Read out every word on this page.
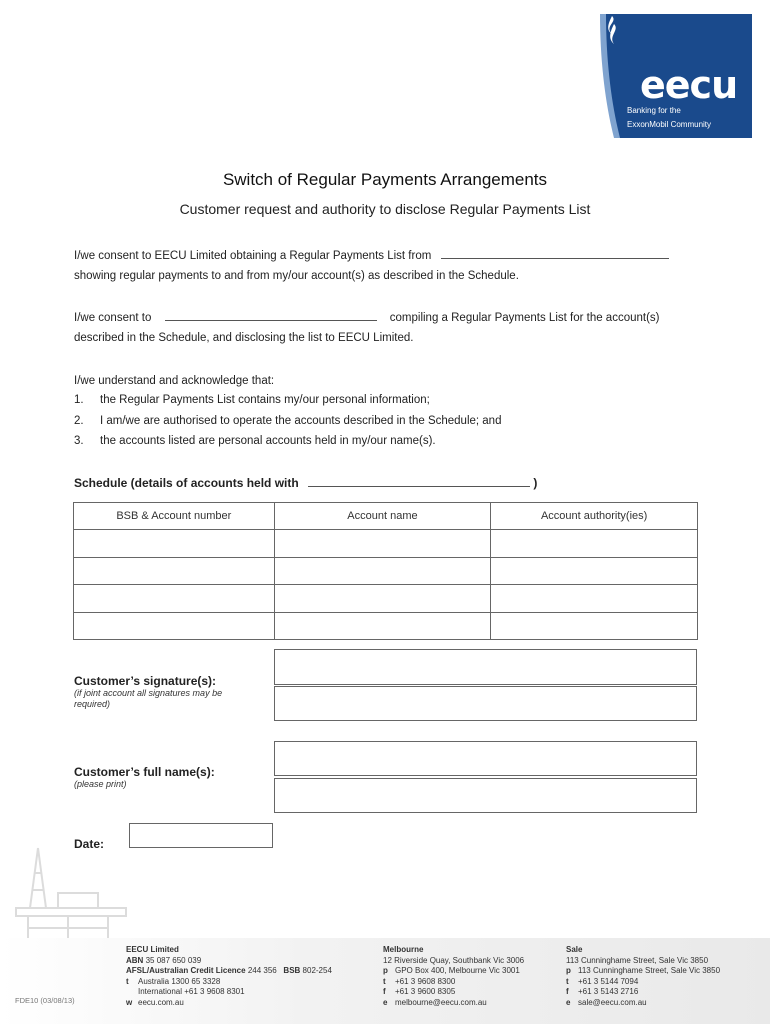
eecu
Banking for the
ExxonMobil Community
Switch of Regular Payments Arrangements
Customer request and authority to disclose Regular Payments List
I/we consent to EECU Limited obtaining a Regular Payments List from
showing regular payments to and from my/our account(s) as described in the Schedule.
I/we consent to	compiling a Regular Payments List for the account(s)
described in the Schedule, and disclosing the list to EECU Limited.
I/we understand and acknowledge that:
1. the Regular Payments List contains my/our personal information;
2. I am/we are authorised to operate the accounts described in the Schedule; and
3. the accounts listed are personal accounts held in my/our name(s).
Schedule (details of accounts held with	)
BSB & Account number	Account name	Account authority(ies)

Customer’s signature(s):
(if joint account all signatures may be required)
Customer’s full name(s):
(please print)
Date:
EECU Limited
ABN 35 087 650 039
AFSL/Australian Credit Licence 244 356 BSB 802-254
t Australia 1300 65 3328
International +61 3 9608 8301
w eecu.com.au
Melbourne
12 Riverside Quay, Southbank Vic 3006
p GPO Box 400, Melbourne Vic 3001
t +61 3 9608 8300
f +61 3 9600 8305
e melbourne@eecu.com.au
Sale
113 Cunninghame Street, Sale Vic 3850
p 113 Cunninghame Street, Sale Vic 3850
t +61 3 5144 7094
f +61 3 5143 2716
e sale@eecu.com.au
FDE10 (03/08/13)
